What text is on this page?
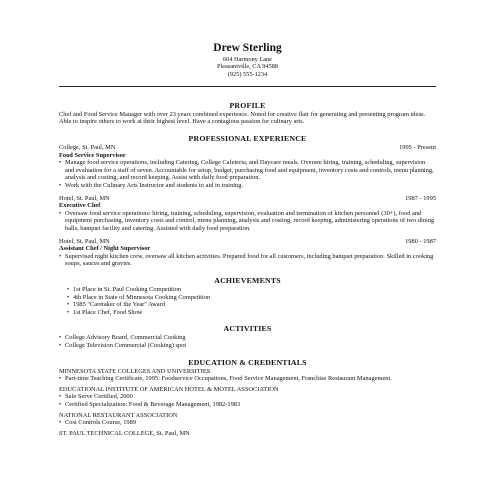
Drew Sterling
604 Harmony Lane
Pleasantville, CA 94588
(925) 555-1234
PROFILE

Chef and Food Service Manager with over 23 years combined experience. Noted for creative flair for generating and presenting program ideas. Able to inspire others to work at their highest level. Have a contagious passion for culinary arts.

PROFESSIONAL EXPERIENCE
College, St. Paul, MN	1995 - Present
Food Service Supervisor
• Manage food service operations, including Catering, College Cafeteria, and Daycare meals. Oversee hiring, training, scheduling, supervision and evaluation for a staff of seven. Accountable for setup, budget, purchasing food and equipment, inventory costs and controls, menu planning, analysis and costing, and record keeping. Assist with daily food preparation.
• Work with the Culinary Arts Instructor and students to aid in training.
Hotel, St. Paul, MN	1987 - 1995
Executive Chef
• Oversaw food service operations: hiring, training, scheduling, supervision, evaluation and termination of kitchen personnel (30+), food and equipment purchasing, inventory costs and control, menu planning, analysis and costing, record keeping, administering operations of two dining halls, banquet facility and catering. Assisted with daily food preparation.
Hotel, St. Paul, MN	1980 - 1987
Assistant Chef / Night Supervisor
• Supervised night kitchen crew, oversaw all kitchen activities. Prepared food for all customers, including banquet preparation. Skilled in cooking soups, sauces and gravies.
ACHIEVEMENTS
• 1st Place in St. Paul Cooking Competition
• 4th Place in State of Minnesota Cooking Competition
• 1985 "Caretaker of the Year" Award
• 1st Place Chef, Food Show
ACTIVITIES
• College Advisory Board, Commercial Cooking
• College Television Commercial (Cooking) spot
EDUCATION & CREDENTIALS
MINNESOTA STATE COLLEGES AND UNIVERSITIES
• Part-time Teaching Certificate, 1995: Foodservice Occupations, Food Service Management, Franchise Restaurant Management.
EDUCATIONAL INSTITUTE OF AMERICAN HOTEL & MOTEL ASSOCIATION
• Safe Serve Certified, 2000
• Certified Specialization: Food & Beverage Management, 1982-1983
NATIONAL RESTAURANT ASSOCIATION
• Cost Controls Course, 1989
ST. PAUL TECHNICAL COLLEGE, St. Paul, MN
